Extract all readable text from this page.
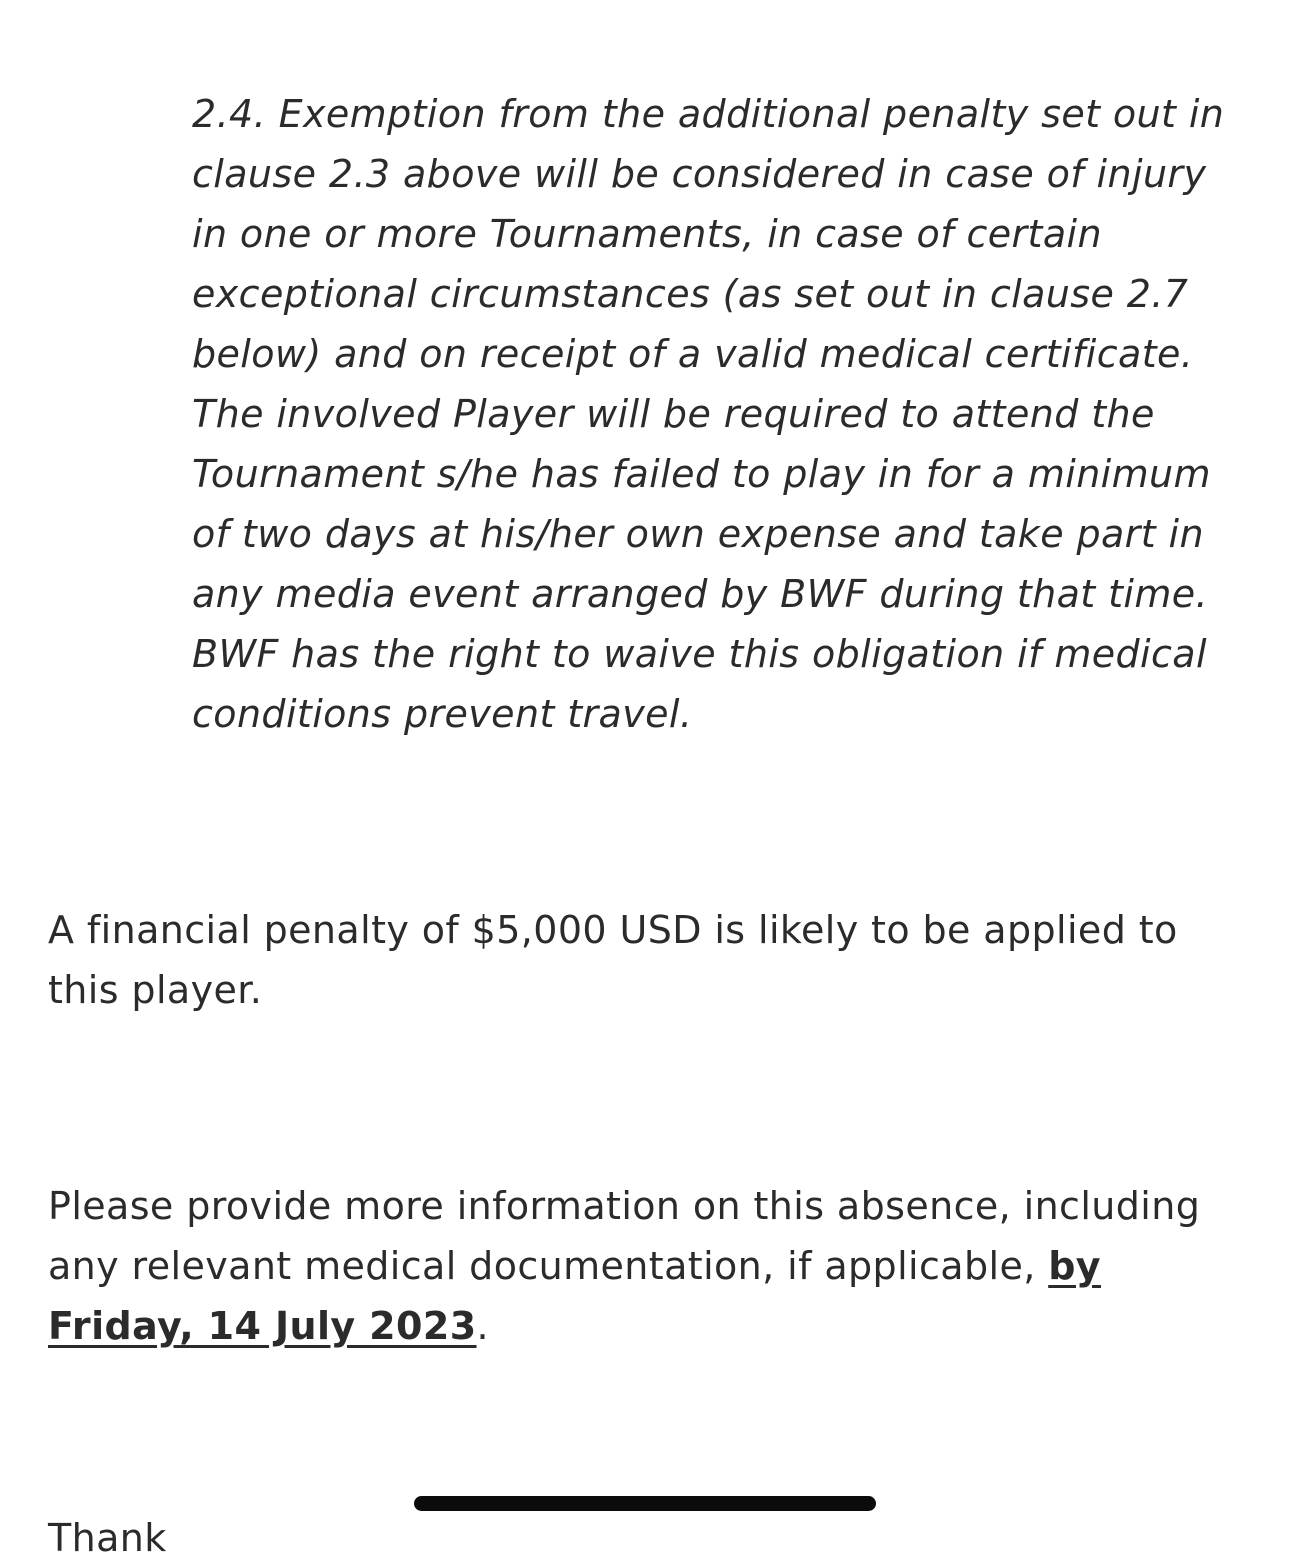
2.4. Exemption from the additional penalty set out in clause 2.3 above will be considered in case of injury in one or more Tournaments, in case of certain exceptional circumstances (as set out in clause 2.7 below) and on receipt of a valid medical certificate. The involved Player will be required to attend the Tournament s/he has failed to play in for a minimum of two days at his/her own expense and take part in any media event arranged by BWF during that time. BWF has the right to waive this obligation if medical conditions prevent travel.

A financial penalty of $5,000 USD is likely to be applied to this player.

Please provide more information on this absence, including any relevant medical documentation, if applicable, by Friday, 14 July 2023.

Thank
